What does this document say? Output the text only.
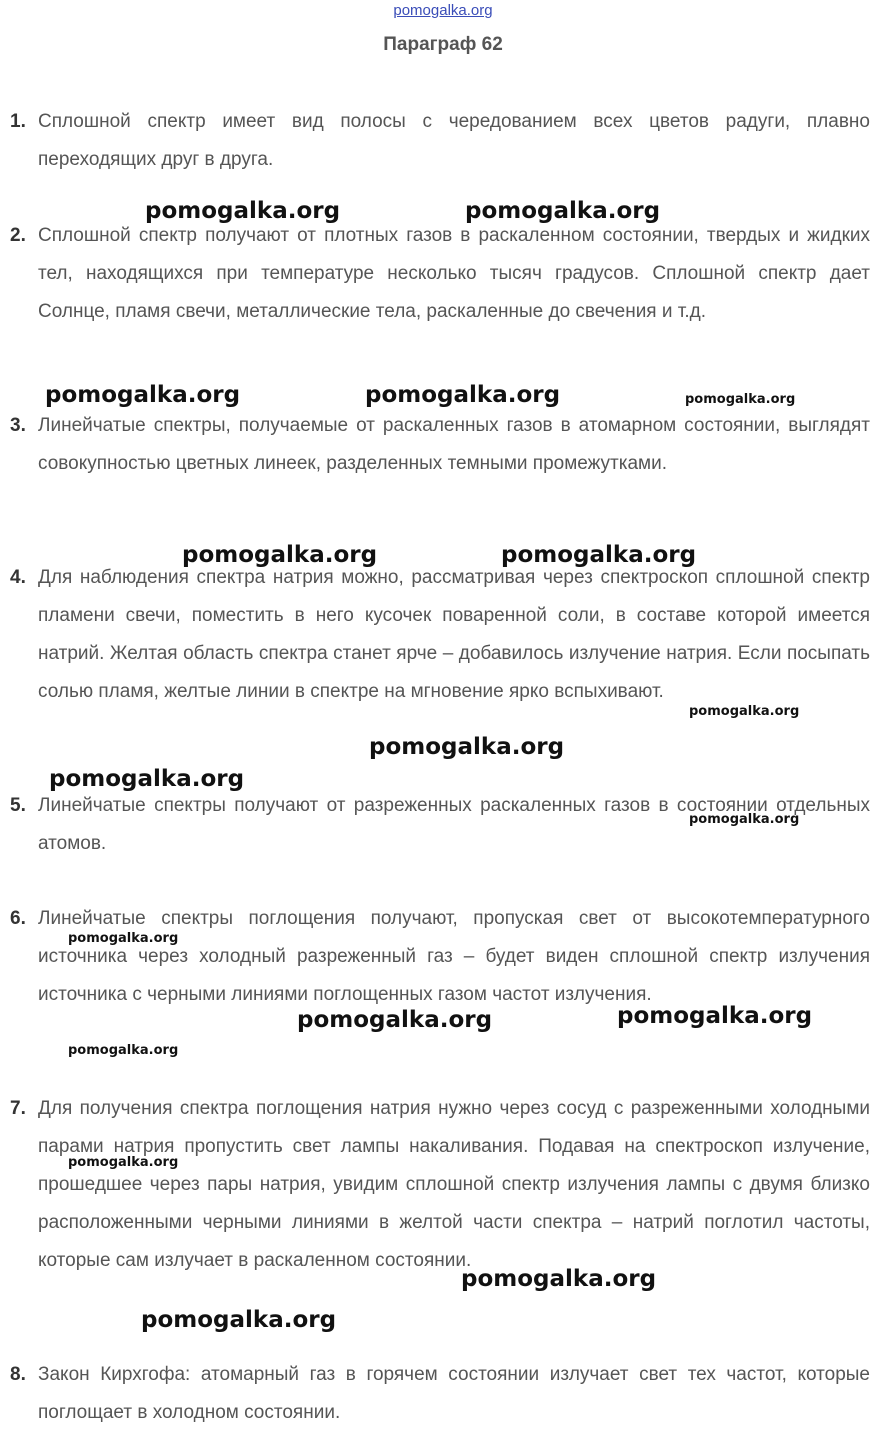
pomogalka.org
Параграф 62
1. Сплошной спектр имеет вид полосы с чередованием всех цветов радуги, плавно переходящих друг в друга.

2. Сплошной спектр получают от плотных газов в раскаленном состоянии, твердых и жидких тел, находящихся при температуре несколько тысяч градусов. Сплошной спектр дает Солнце, пламя свечи, металлические тела, раскаленные до свечения и т.д.

3. Линейчатые спектры, получаемые от раскаленных газов в атомарном состоянии, выглядят совокупностью цветных линеек, разделенных темными промежутками.

4. Для наблюдения спектра натрия можно, рассматривая через спектроскоп сплошной спектр пламени свечи, поместить в него кусочек поваренной соли, в составе которой имеется натрий. Желтая область спектра станет ярче – добавилось излучение натрия. Если посыпать солью пламя, желтые линии в спектре на мгновение ярко вспыхивают.

5. Линейчатые спектры получают от разреженных раскаленных газов в состоянии отдельных атомов.

6. Линейчатые спектры поглощения получают, пропуская свет от высокотемпературного источника через холодный разреженный газ – будет виден сплошной спектр излучения источника с черными линиями поглощенных газом частот излучения.

7. Для получения спектра поглощения натрия нужно через сосуд с разреженными холодными парами натрия пропустить свет лампы накаливания. Подавая на спектроскоп излучение, прошедшее через пары натрия, увидим сплошной спектр излучения лампы с двумя близко расположенными черными линиями в желтой части спектра – натрий поглотил частоты, которые сам излучает в раскаленном состоянии.

8. Закон Кирхгофа: атомарный газ в горячем состоянии излучает свет тех частот, которые поглощает в холодном состоянии.

pomogalka.org	pomogalka.org
pomogalka.org	pomogalka.org	pomogalka.org
pomogalka.org	pomogalka.org
pomogalka.org
pomogalka.org
pomogalka.org
pomogalka.org
pomogalka.org
pomogalka.org
pomogalka.org
pomogalka.org
pomogalka.org
pomogalka.org
pomogalka.org
